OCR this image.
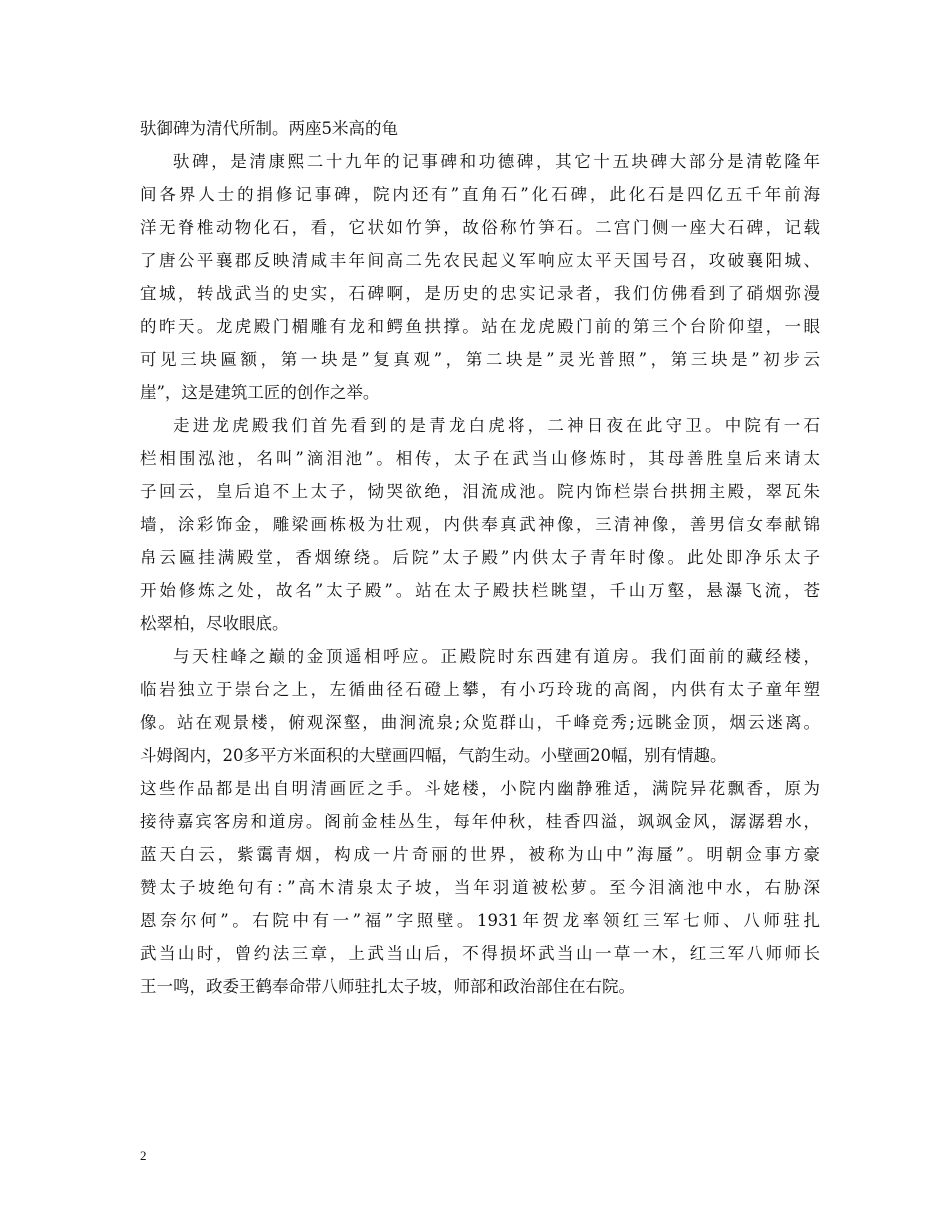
驮御碑为清代所制。两座5米高的龟
驮碑，是清康熙二十九年的记事碑和功德碑，其它十五块碑大部分是清乾隆年
间各界人士的捐修记事碑，院内还有”直角石”化石碑，此化石是四亿五千年前海
洋无脊椎动物化石，看，它状如竹笋，故俗称竹笋石。二宫门侧一座大石碑，记载
了唐公平襄郡反映清咸丰年间高二先农民起义军响应太平天国号召，攻破襄阳城、
宜城，转战武当的史实，石碑啊，是历史的忠实记录者，我们仿佛看到了硝烟弥漫
的昨天。龙虎殿门楣雕有龙和鳄鱼拱撑。站在龙虎殿门前的第三个台阶仰望，一眼
可见三块匾额，第一块是”复真观”，第二块是”灵光普照”，第三块是”初步云
崖”，这是建筑工匠的创作之举。
走进龙虎殿我们首先看到的是青龙白虎将，二神日夜在此守卫。中院有一石
栏相围泓池，名叫”滴泪池”。相传，太子在武当山修炼时，其母善胜皇后来请太
子回云，皇后追不上太子，恸哭欲绝，泪流成池。院内饰栏崇台拱拥主殿，翠瓦朱
墙，涂彩饰金，雕梁画栋极为壮观，内供奉真武神像，三清神像，善男信女奉献锦
帛云匾挂满殿堂，香烟缭绕。后院”太子殿”内供太子青年时像。此处即净乐太子
开始修炼之处，故名”太子殿”。站在太子殿扶栏眺望，千山万壑，悬瀑飞流，苍
松翠柏，尽收眼底。
与天柱峰之巅的金顶遥相呼应。正殿院时东西建有道房。我们面前的藏经楼，
临岩独立于崇台之上，左循曲径石磴上攀，有小巧玲珑的高阁，内供有太子童年塑
像。站在观景楼，俯观深壑，曲涧流泉;众览群山，千峰竞秀;远眺金顶，烟云迷离。
斗姆阁内，20多平方米面积的大壁画四幅，气韵生动。小壁画20幅，别有情趣。
这些作品都是出自明清画匠之手。斗姥楼，小院内幽静雅适，满院异花飘香，原为
接待嘉宾客房和道房。阁前金桂丛生，每年仲秋，桂香四溢，飒飒金风，潺潺碧水，
蓝天白云，紫霭青烟，构成一片奇丽的世界，被称为山中”海蜃”。明朝佥事方豪
赞太子坡绝句有：”高木清泉太子坡，当年羽道被松萝。至今泪滴池中水，右胁深
恩奈尔何”。右院中有一”福”字照壁。1931年贺龙率领红三军七师、八师驻扎
武当山时，曾约法三章，上武当山后，不得损坏武当山一草一木，红三军八师师长
王一鸣，政委王鹤奉命带八师驻扎太子坡，师部和政治部住在右院。
2
